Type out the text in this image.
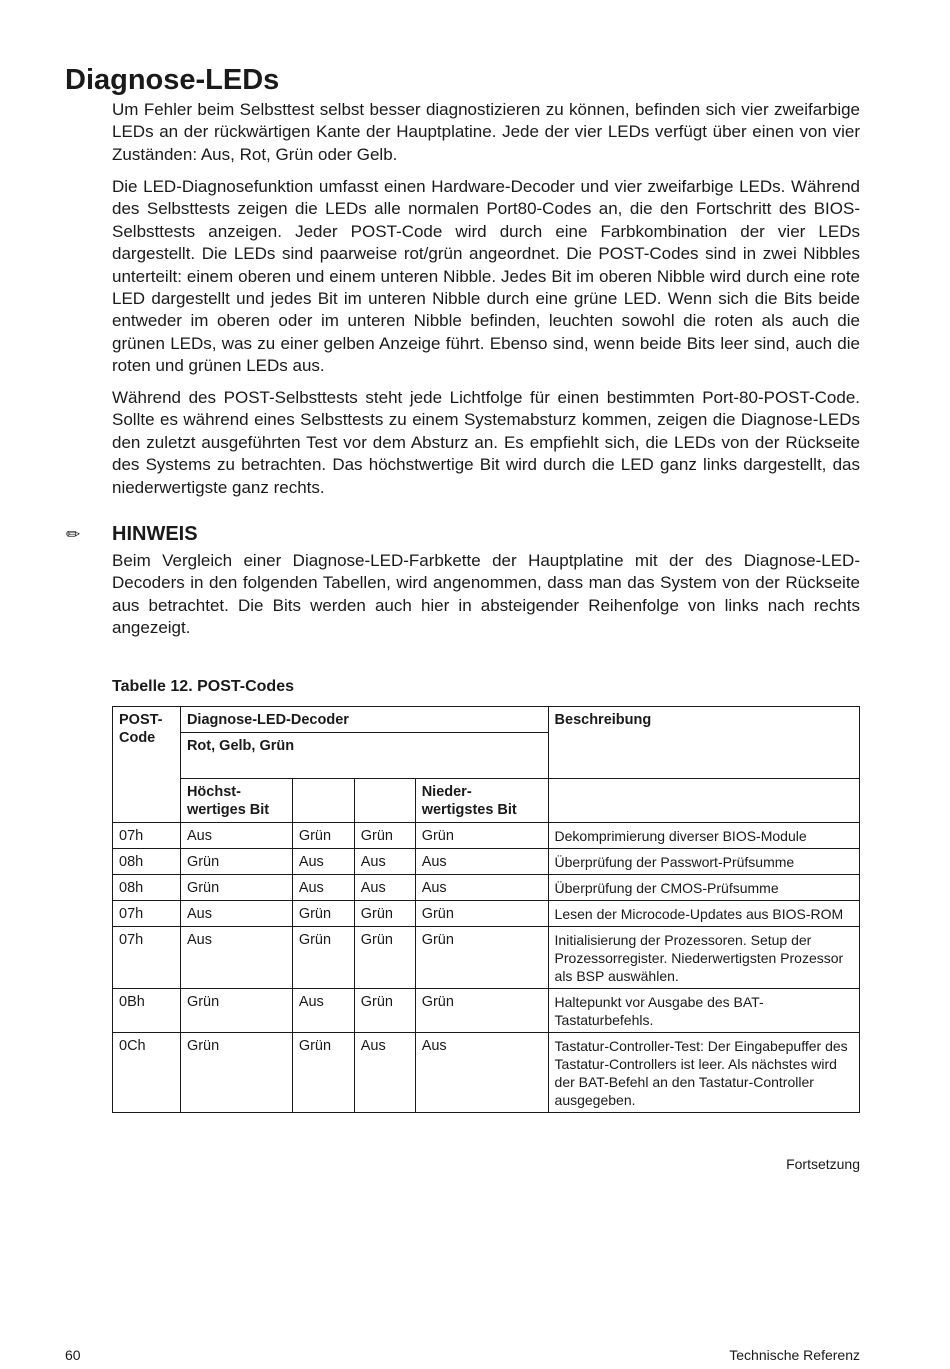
Diagnose-LEDs

Um Fehler beim Selbsttest selbst besser diagnostizieren zu können, befinden sich vier zweifarbige LEDs an der rückwärtigen Kante der Hauptplatine. Jede der vier LEDs verfügt über einen von vier Zuständen: Aus, Rot, Grün oder Gelb.

Die LED-Diagnosefunktion umfasst einen Hardware-Decoder und vier zweifarbige LEDs. Während des Selbsttests zeigen die LEDs alle normalen Port80-Codes an, die den Fortschritt des BIOS-Selbsttests anzeigen. Jeder POST-Code wird durch eine Farbkombination der vier LEDs dargestellt. Die LEDs sind paarweise rot/grün angeordnet. Die POST-Codes sind in zwei Nibbles unterteilt: einem oberen und einem unteren Nibble. Jedes Bit im oberen Nibble wird durch eine rote LED dargestellt und jedes Bit im unteren Nibble durch eine grüne LED. Wenn sich die Bits beide entweder im oberen oder im unteren Nibble befinden, leuchten sowohl die roten als auch die grünen LEDs, was zu einer gelben Anzeige führt. Ebenso sind, wenn beide Bits leer sind, auch die roten und grünen LEDs aus.

Während des POST-Selbsttests steht jede Lichtfolge für einen bestimmten Port-80-POST-Code. Sollte es während eines Selbsttests zu einem Systemabsturz kommen, zeigen die Diagnose-LEDs den zuletzt ausgeführten Test vor dem Absturz an. Es empfiehlt sich, die LEDs von der Rückseite des Systems zu betrachten. Das höchstwertige Bit wird durch die LED ganz links dargestellt, das niederwertigste ganz rechts.

✏ HINWEIS

Beim Vergleich einer Diagnose-LED-Farbkette der Hauptplatine mit der des Diagnose-LED-Decoders in den folgenden Tabellen, wird angenommen, dass man das System von der Rückseite aus betrachtet. Die Bits werden auch hier in absteigender Reihenfolge von links nach rechts angezeigt.

Tabelle 12. POST-Codes

POST-Code	Diagnose-LED-Decoder				Beschreibung
	Rot, Gelb, Grün				
	Höchst-wertiges Bit			Nieder-wertigstes Bit	
07h	Aus	Grün	Grün	Grün	Dekomprimierung diverser BIOS-Module
08h	Grün	Aus	Aus	Aus	Überprüfung der Passwort-Prüfsumme
08h	Grün	Aus	Aus	Aus	Überprüfung der CMOS-Prüfsumme
07h	Aus	Grün	Grün	Grün	Lesen der Microcode-Updates aus BIOS-ROM
07h	Aus	Grün	Grün	Grün	Initialisierung der Prozessoren. Setup der Prozessorregister. Niederwertigsten Prozessor als BSP auswählen.
0Bh	Grün	Aus	Grün	Grün	Haltepunkt vor Ausgabe des BAT-Tastaturbefehls.
0Ch	Grün	Grün	Aus	Aus	Tastatur-Controller-Test: Der Eingabepuffer des Tastatur-Controllers ist leer. Als nächstes wird der BAT-Befehl an den Tastatur-Controller ausgegeben.
Fortsetzung
60	Technische Referenz
